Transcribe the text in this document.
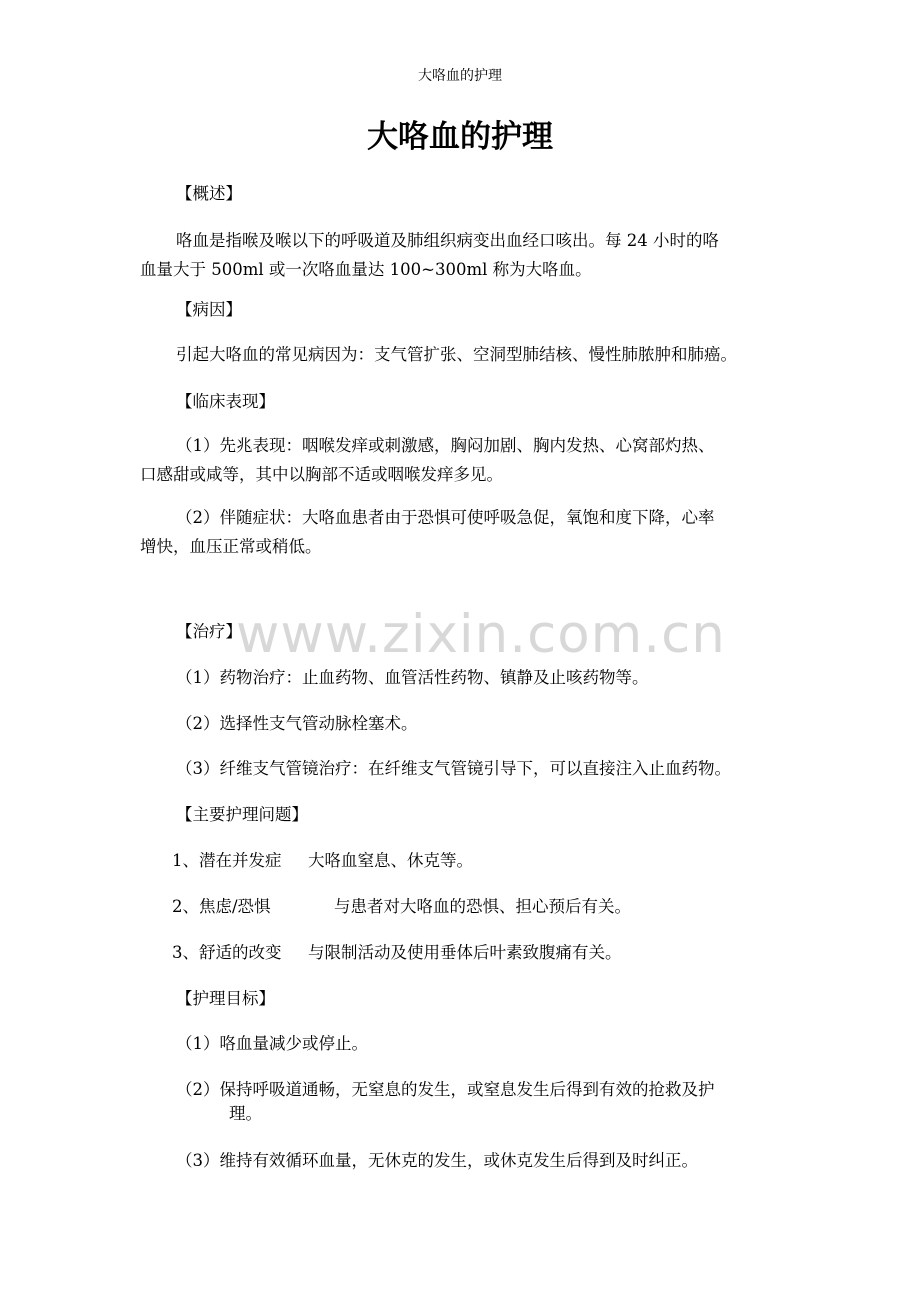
大咯血的护理
大咯血的护理
【概述】
咯血是指喉及喉以下的呼吸道及肺组织病变出血经口咳出。每 24 小时的咯
血量大于 500ml 或一次咯血量达 100~300ml 称为大咯血。
【病因】
引起大咯血的常见病因为：支气管扩张、空洞型肺结核、慢性肺脓肿和肺癌。
【临床表现】
（1）先兆表现：咽喉发痒或刺激感，胸闷加剧、胸内发热、心窝部灼热、
口感甜或咸等，其中以胸部不适或咽喉发痒多见。
（2）伴随症状：大咯血患者由于恐惧可使呼吸急促，氧饱和度下降，心率
增快，血压正常或稍低。
www.zixin.com.cn
【治疗】
（1）药物治疗：止血药物、血管活性药物、镇静及止咳药物等。
（2）选择性支气管动脉栓塞术。
（3）纤维支气管镜治疗：在纤维支气管镜引导下，可以直接注入止血药物。
【主要护理问题】
1、潜在并发症 大咯血窒息、休克等。
2、焦虑/恐惧	与患者对大咯血的恐惧、担心预后有关。
3、舒适的改变 与限制活动及使用垂体后叶素致腹痛有关。
【护理目标】
（1）咯血量减少或停止。
（2）保持呼吸道通畅，无窒息的发生，或窒息发生后得到有效的抢救及护
理。
（3）维持有效循环血量，无休克的发生，或休克发生后得到及时纠正。
